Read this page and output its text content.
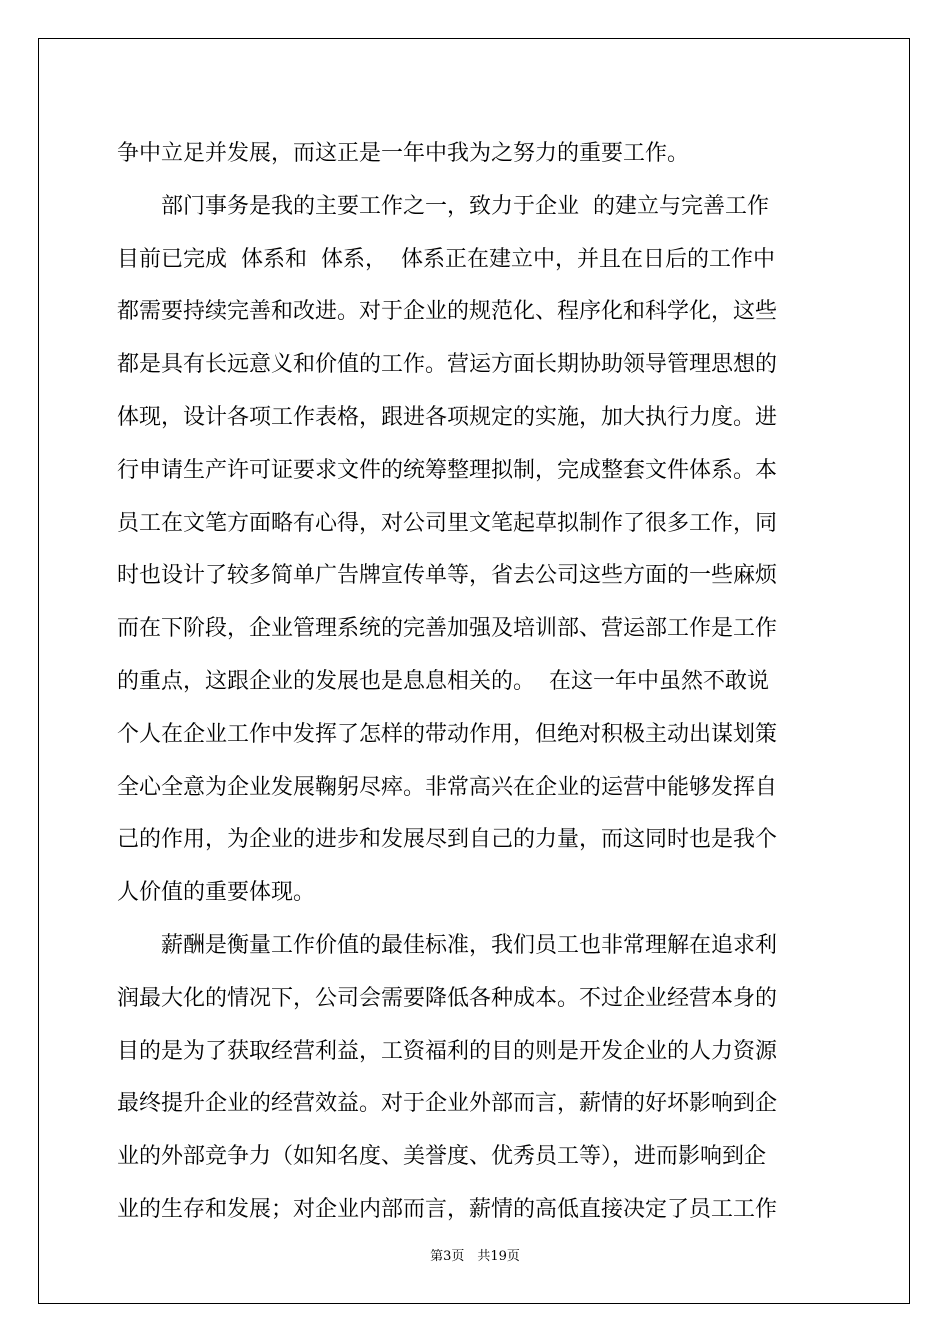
争中立足并发展，而这正是一年中我为之努力的重要工作。
　　部门事务是我的主要工作之一，致力于企业  的建立与完善工作
目前已完成  体系和  体系，  体系正在建立中，并且在日后的工作中
都需要持续完善和改进。对于企业的规范化、程序化和科学化，这些
都是具有长远意义和价值的工作。营运方面长期协助领导管理思想的
体现，设计各项工作表格，跟进各项规定的实施，加大执行力度。进
行申请生产许可证要求文件的统筹整理拟制，完成整套文件体系。本
员工在文笔方面略有心得，对公司里文笔起草拟制作了很多工作，同
时也设计了较多简单广告牌宣传单等，省去公司这些方面的一些麻烦
而在下阶段，企业管理系统的完善加强及培训部、营运部工作是工作
的重点，这跟企业的发展也是息息相关的。  在这一年中虽然不敢说
个人在企业工作中发挥了怎样的带动作用，但绝对积极主动出谋划策
全心全意为企业发展鞠躬尽瘁。非常高兴在企业的运营中能够发挥自
己的作用，为企业的进步和发展尽到自己的力量，而这同时也是我个
人价值的重要体现。
　　薪酬是衡量工作价值的最佳标准，我们员工也非常理解在追求利
润最大化的情况下，公司会需要降低各种成本。不过企业经营本身的
目的是为了获取经营利益，工资福利的目的则是开发企业的人力资源
最终提升企业的经营效益。对于企业外部而言，薪情的好坏影响到企
业的外部竞争力（如知名度、美誉度、优秀员工等），进而影响到企
业的生存和发展；对企业内部而言，薪情的高低直接决定了员工工作
第3页　共19页
